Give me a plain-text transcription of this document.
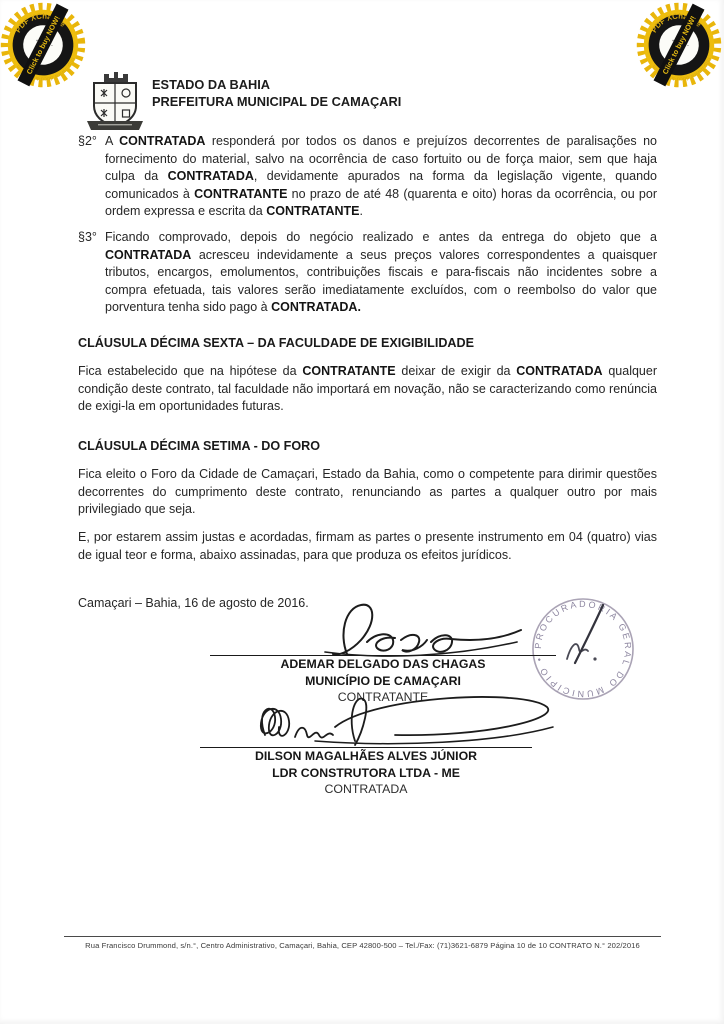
ESTADO DA BAHIA
PREFEITURA MUNICIPAL DE CAMAÇARI
§2° A CONTRATADA responderá por todos os danos e prejuízos decorrentes de paralisações no fornecimento do material, salvo na ocorrência de caso fortuito ou de força maior, sem que haja culpa da CONTRATADA, devidamente apurados na forma da legislação vigente, quando comunicados à CONTRATANTE no prazo de até 48 (quarenta e oito) horas da ocorrência, ou por ordem expressa e escrita da CONTRATANTE.
§3° Ficando comprovado, depois do negócio realizado e antes da entrega do objeto que a CONTRATADA acresceu indevidamente a seus preços valores correspondentes a quaisquer tributos, encargos, emolumentos, contribuições fiscais e para-fiscais não incidentes sobre a compra efetuada, tais valores serão imediatamente excluídos, com o reembolso do valor que porventura tenha sido pago à CONTRATADA.
CLÁUSULA DÉCIMA SEXTA – DA FACULDADE DE EXIGIBILIDADE
Fica estabelecido que na hipótese da CONTRATANTE deixar de exigir da CONTRATADA qualquer condição deste contrato, tal faculdade não importará em novação, não se caracterizando como renúncia de exigi-la em oportunidades futuras.
CLÁUSULA DÉCIMA SETIMA - DO FORO
Fica eleito o Foro da Cidade de Camaçari, Estado da Bahia, como o competente para dirimir questões decorrentes do cumprimento deste contrato, renunciando as partes a qualquer outro por mais privilegiado que seja.
E, por estarem assim justas e acordadas, firmam as partes o presente instrumento em 04 (quatro) vias de igual teor e forma, abaixo assinadas, para que produza os efeitos jurídicos.
Camaçari – Bahia, 16 de agosto de 2016.
PROCURADORIA GERAL DO MUNICÍPIO •
ADEMAR DELGADO DAS CHAGAS
MUNICÍPIO DE CAMAÇARI
CONTRATANTE
DILSON MAGALHÃES ALVES JÚNIOR
LDR CONSTRUTORA LTDA - ME
CONTRATADA
Rua Francisco Drummond, s/n.°, Centro Administrativo, Camaçari, Bahia, CEP 42800-500 – Tel./Fax: (71)3621-6879 Página 10 de 10 CONTRATO N.° 202/2016
